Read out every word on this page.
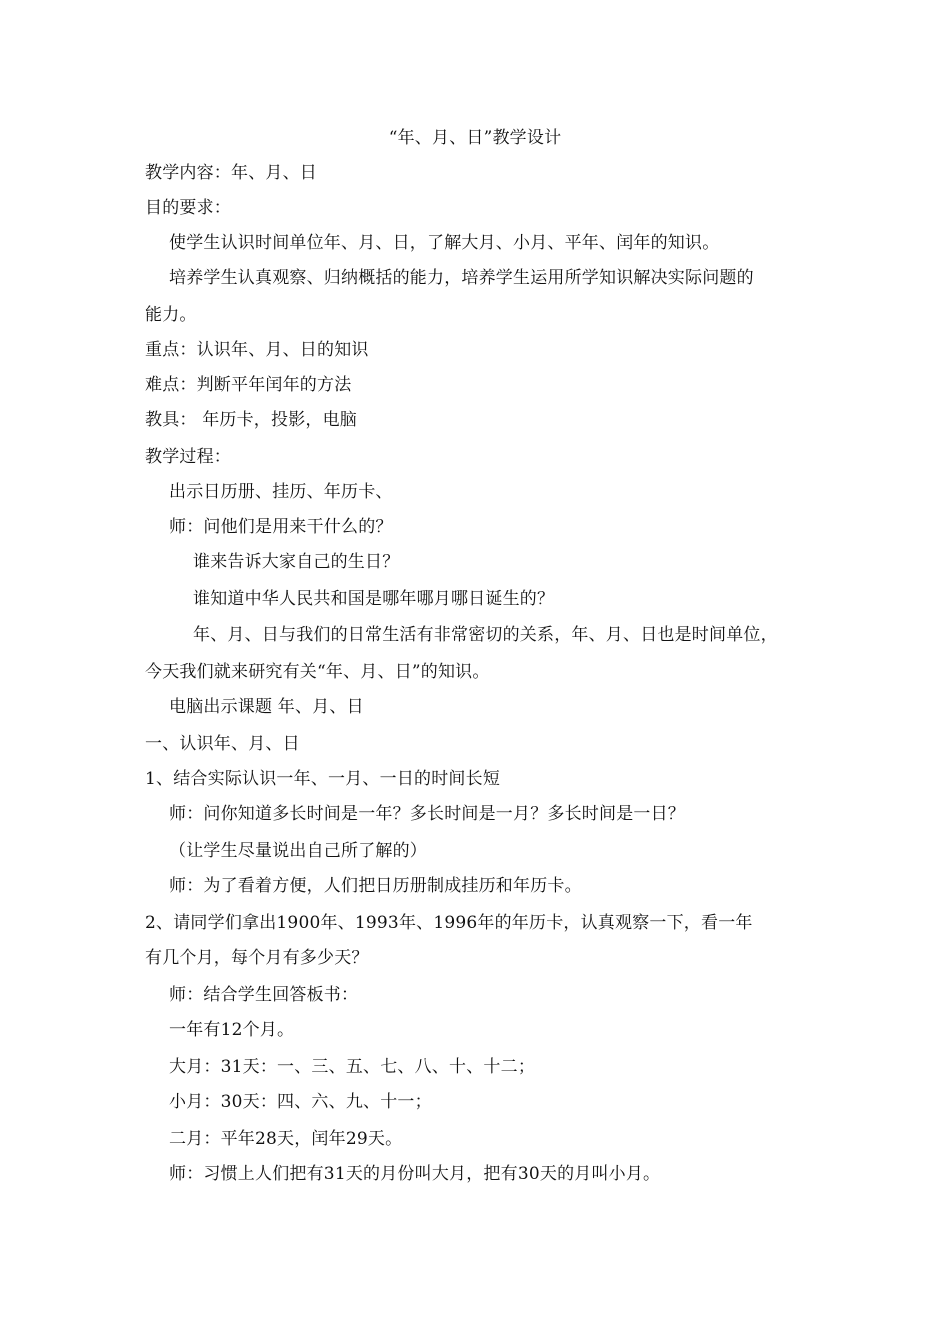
“年、月、日”教学设计
教学内容：年、月、日
目的要求：
使学生认识时间单位年、月、日，了解大月、小月、平年、闰年的知识。
培养学生认真观察、归纳概括的能力，培养学生运用所学知识解决实际问题的
能力。
重点：认识年、月、日的知识
难点：判断平年闰年的方法
教具： 年历卡，投影，电脑
教学过程：
出示日历册、挂历、年历卡、
师：问他们是用来干什么的？
谁来告诉大家自己的生日？
谁知道中华人民共和国是哪年哪月哪日诞生的？
年、月、日与我们的日常生活有非常密切的关系，年、月、日也是时间单位，
今天我们就来研究有关“年、月、日”的知识。
电脑出示课题 年、月、日
一、认识年、月、日
1、结合实际认识一年、一月、一日的时间长短
师：问你知道多长时间是一年？多长时间是一月？多长时间是一日？
（让学生尽量说出自己所了解的）
师：为了看着方便，人们把日历册制成挂历和年历卡。
2、请同学们拿出1900年、1993年、1996年的年历卡，认真观察一下，看一年
有几个月，每个月有多少天？
师：结合学生回答板书：
一年有12个月。
大月：31天：一、三、五、七、八、十、十二；
小月：30天：四、六、九、十一；
二月：平年28天，闰年29天。
师：习惯上人们把有31天的月份叫大月，把有30天的月叫小月。
